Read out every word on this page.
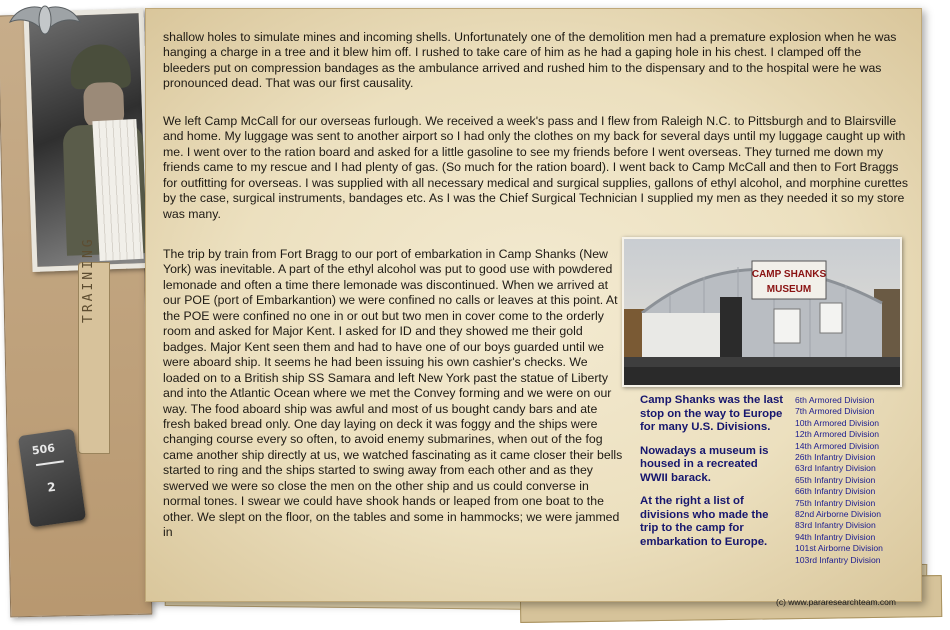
TRAINING
506
2

shallow holes to simulate mines and incoming shells. Unfortunately one of the demolition men had a premature explosion when he was hanging a charge in a tree and it blew him off. I rushed to take care of him as he had a gaping hole in his chest. I clamped off the bleeders put on compression bandages as the ambulance arrived and rushed him to the dispensary and to the hospital were he was pronounced dead. That was our first causality.

We left Camp McCall for our overseas furlough. We received a week's pass and I flew from Raleigh N.C. to Pittsburgh and to Blairsville and home. My luggage was sent to another airport so I had only the clothes on my back for several days until my luggage caught up with me. I went over to the ration board and asked for a little gasoline to see my friends before I went overseas. They turned me down my friends came to my rescue and I had plenty of gas. (So much for the ration board). I went back to Camp McCall and then to Fort Braggs for outfitting for overseas. I was supplied with all necessary medical and surgical supplies, gallons of ethyl alcohol, and morphine curettes by the case, surgical instruments, bandages etc. As I was the Chief Surgical Technician I supplied my men as they needed it so my store was many.

The trip by train from Fort Bragg to our port of embarkation in Camp Shanks (New York) was inevitable. A part of the ethyl alcohol was put to good use with powdered lemonade and often a time there lemonade was discontinued. When we arrived at our POE (port of Embarkantion) we were confined no calls or leaves at this point. At the POE were confined no one in or out but two men in cover come to the orderly room and asked for Major Kent. I asked for ID and they showed me their gold badges. Major Kent seen them and had to have one of our boys guarded until we were aboard ship. It seems he had been issuing his own cashier's checks. We loaded on to a British ship SS Samara and left New York past the statue of Liberty and into the Atlantic Ocean where we met the Convey forming and we were on our way. The food aboard ship was awful and most of us bought candy bars and ate fresh baked bread only. One day laying on deck it was foggy and the ships were changing course every so often, to avoid enemy submarines, when out of the fog came another ship directly at us, we watched fascinating as it came closer their bells started to ring and the ships started to swing away from each other and as they swerved we were so close the men on the other ship and us could converse in normal tones. I swear we could have shook hands or leaped from one boat to the other. We slept on the floor, on the tables and some in hammocks; we were jammed in

CAMP SHANKS
MUSEUM

Camp Shanks was the last stop on the way to Europe for many U.S. Divisions.

Nowadays a museum is housed in a recreated WWII barack.

At the right a list of divisions who made the trip to the camp for embarkation to Europe.

6th Armored Division
7th Armored Division
10th Armored Division
12th Armored Division
14th Armored Division
26th Infantry Division
63rd Infantry Division
65th Infantry Division
66th Infantry Division
75th Infantry Division
82nd Airborne Division
83rd Infantry Division
94th Infantry Division
101st Airborne Division
103rd Infantry Division
(c) www.pararesearchteam.com
